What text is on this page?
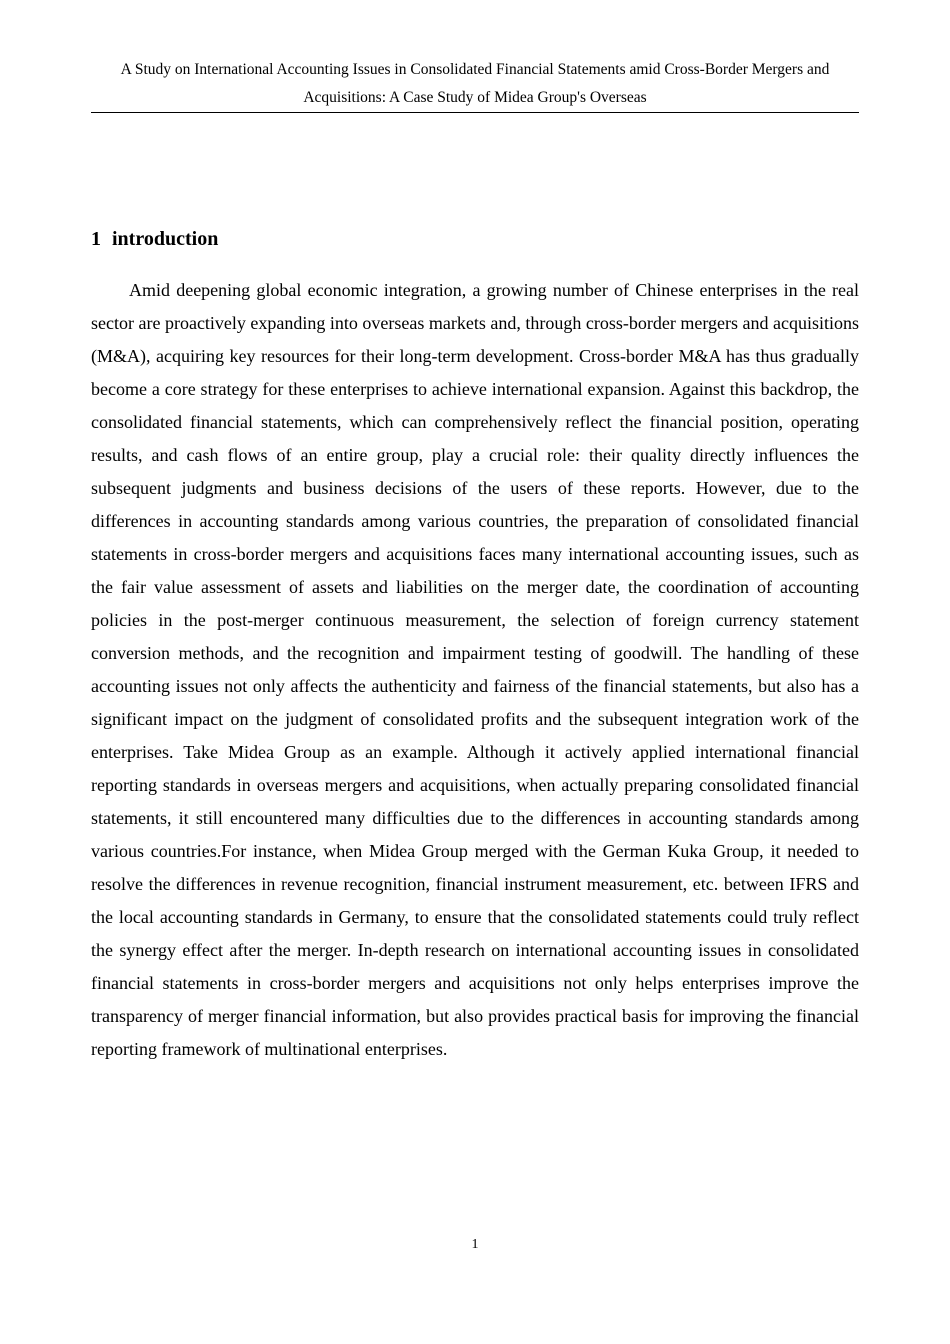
A Study on International Accounting Issues in Consolidated Financial Statements amid Cross-Border Mergers and Acquisitions: A Case Study of Midea Group's Overseas
1 introduction

Amid deepening global economic integration, a growing number of Chinese enterprises in the real sector are proactively expanding into overseas markets and, through cross-border mergers and acquisitions (M&A), acquiring key resources for their long-term development. Cross-border M&A has thus gradually become a core strategy for these enterprises to achieve international expansion. Against this backdrop, the consolidated financial statements, which can comprehensively reflect the financial position, operating results, and cash flows of an entire group, play a crucial role: their quality directly influences the subsequent judgments and business decisions of the users of these reports. However, due to the differences in accounting standards among various countries, the preparation of consolidated financial statements in cross-border mergers and acquisitions faces many international accounting issues, such as the fair value assessment of assets and liabilities on the merger date, the coordination of accounting policies in the post-merger continuous measurement, the selection of foreign currency statement conversion methods, and the recognition and impairment testing of goodwill. The handling of these accounting issues not only affects the authenticity and fairness of the financial statements, but also has a significant impact on the judgment of consolidated profits and the subsequent integration work of the enterprises. Take Midea Group as an example. Although it actively applied international financial reporting standards in overseas mergers and acquisitions, when actually preparing consolidated financial statements, it still encountered many difficulties due to the differences in accounting standards among various countries.For instance, when Midea Group merged with the German Kuka Group, it needed to resolve the differences in revenue recognition, financial instrument measurement, etc. between IFRS and the local accounting standards in Germany, to ensure that the consolidated statements could truly reflect the synergy effect after the merger. In-depth research on international accounting issues in consolidated financial statements in cross-border mergers and acquisitions not only helps enterprises improve the transparency of merger financial information, but also provides practical basis for improving the financial reporting framework of multinational enterprises.

1
